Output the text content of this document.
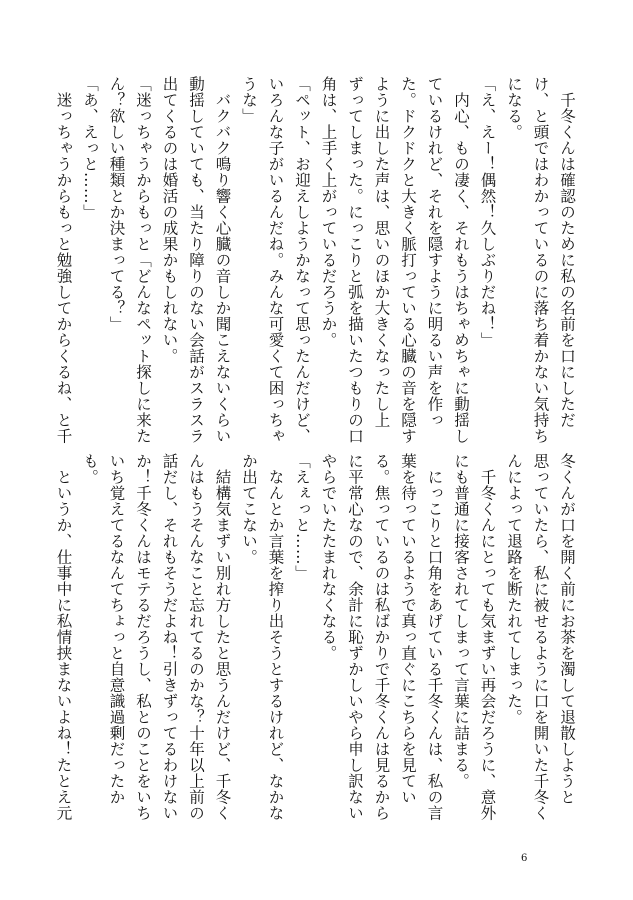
　千冬くんは確認のために私の名前を口にしただ
け、と頭ではわかっているのに落ち着かない気持ち
になる。
「え、えー！偶然！久しぶりだね！」
　内心、もの凄く、それもうはちゃめちゃに動揺し
ているけれど、それを隠すように明るい声を作っ
た。ドクドクと大きく脈打っている心臓の音を隠す
ように出した声は、思いのほか大きくなったし上
ずってしまった。にっこりと弧を描いたつもりの口
角は、上手く上がっているだろうか。
「ペット、お迎えしようかなって思ったんだけど、
いろんな子がいるんだね。みんな可愛くて困っちゃ
うな」
　バクバク鳴り響く心臓の音しか聞こえないくらい
動揺していても、当たり障りのない会話がスラスラ
出てくるのは婚活の成果かもしれない。
「迷っちゃうからもっと「どんなペット探しに来た
ん？欲しい種類とか決まってる？」
「あ、えっと……」
　迷っちゃうからもっと勉強してからくるね、と千
冬くんが口を開く前にお茶を濁して退散しようと
思っていたら、私に被せるように口を開いた千冬く
んによって退路を断たれてしまった。
　千冬くんにとっても気まずい再会だろうに、意外
にも普通に接客されてしまって言葉に詰まる。
　にっこりと口角をあげている千冬くんは、私の言
葉を待っているようで真っ直ぐにこちらを見てい
る。焦っているのは私ばかりで千冬くんは見るから
に平常心なので、余計に恥ずかしいやら申し訳ない
やらでいたたまれなくなる。
「えぇっと……」
　なんとか言葉を搾り出そうとするけれど、なかな
か出てこない。
　結構気まずい別れ方したと思うんだけど、千冬く
んはもうそんなこと忘れてるのかな？十年以上前の
話だし、それもそうだよね！引きずってるわけない
か！千冬くんはモテるだろうし、私とのことをいち
いち覚えてるなんてちょっと自意識過剰だったか
も。
　というか、仕事中に私情挟まないよね！たとえ元
6
